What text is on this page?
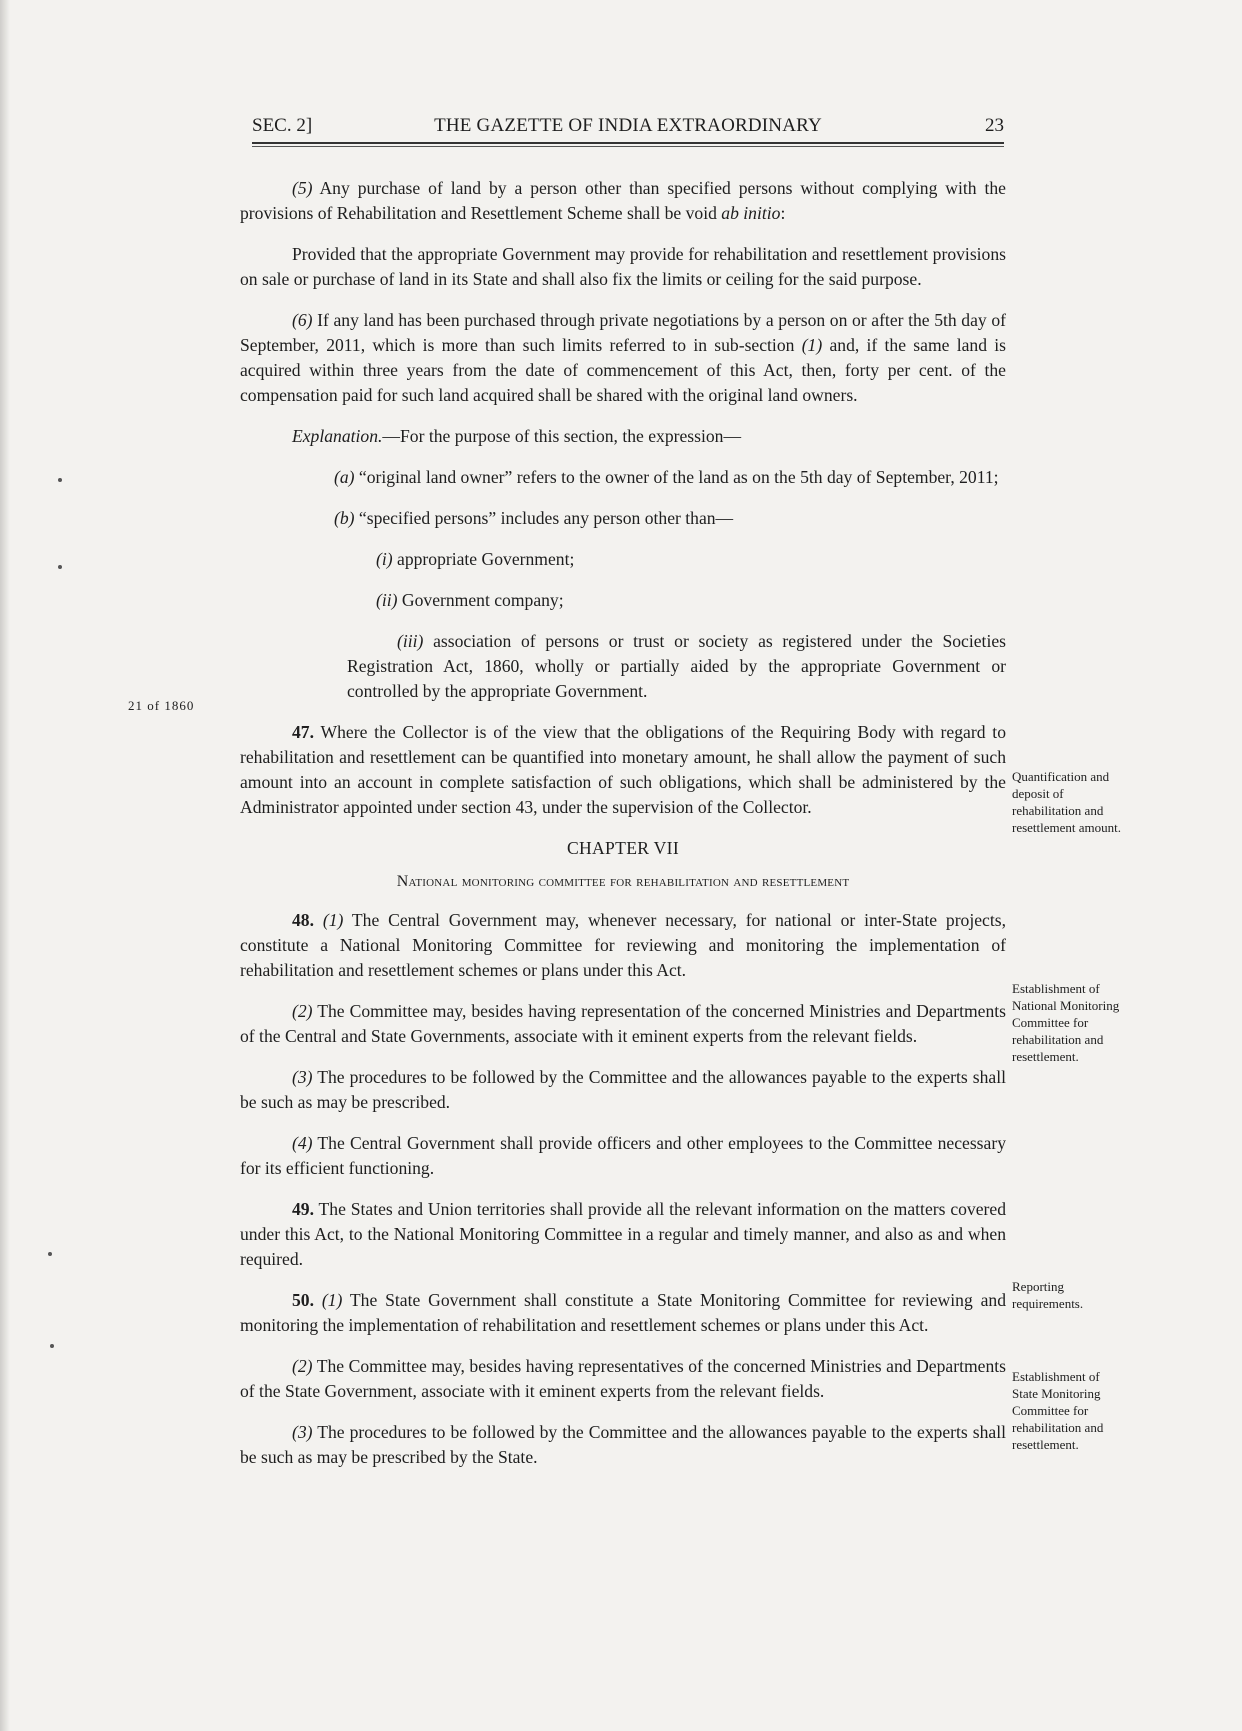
SEC. 2]	THE GAZETTE OF INDIA EXTRAORDINARY	23
21 of 1860

(5) Any purchase of land by a person other than specified persons without complying with the provisions of Rehabilitation and Resettlement Scheme shall be void ab initio:

Provided that the appropriate Government may provide for rehabilitation and resettlement provisions on sale or purchase of land in its State and shall also fix the limits or ceiling for the said purpose.

(6) If any land has been purchased through private negotiations by a person on or after the 5th day of September, 2011, which is more than such limits referred to in sub-section (1) and, if the same land is acquired within three years from the date of commencement of this Act, then, forty per cent. of the compensation paid for such land acquired shall be shared with the original land owners.

Explanation.—For the purpose of this section, the expression—

(a) “original land owner” refers to the owner of the land as on the 5th day of September, 2011;

(b) “specified persons” includes any person other than—

(i) appropriate Government;

(ii) Government company;

(iii) association of persons or trust or society as registered under the Societies Registration Act, 1860, wholly or partially aided by the appropriate Government or controlled by the appropriate Government.

47. Where the Collector is of the view that the obligations of the Requiring Body with regard to rehabilitation and resettlement can be quantified into monetary amount, he shall allow the payment of such amount into an account in complete satisfaction of such obligations, which shall be administered by the Administrator appointed under section 43, under the supervision of the Collector.

CHAPTER VII

National monitoring committee for rehabilitation and resettlement

48. (1) The Central Government may, whenever necessary, for national or inter-State projects, constitute a National Monitoring Committee for reviewing and monitoring the implementation of rehabilitation and resettlement schemes or plans under this Act.

(2) The Committee may, besides having representation of the concerned Ministries and Departments of the Central and State Governments, associate with it eminent experts from the relevant fields.

(3) The procedures to be followed by the Committee and the allowances payable to the experts shall be such as may be prescribed.

(4) The Central Government shall provide officers and other employees to the Committee necessary for its efficient functioning.

49. The States and Union territories shall provide all the relevant information on the matters covered under this Act, to the National Monitoring Committee in a regular and timely manner, and also as and when required.

50. (1) The State Government shall constitute a State Monitoring Committee for reviewing and monitoring the implementation of rehabilitation and resettlement schemes or plans under this Act.

(2) The Committee may, besides having representatives of the concerned Ministries and Departments of the State Government, associate with it eminent experts from the relevant fields.

(3) The procedures to be followed by the Committee and the allowances payable to the experts shall be such as may be prescribed by the State.

Quantification and deposit of rehabilitation and resettlement amount.
Establishment of National Monitoring Committee for rehabilitation and resettlement.
Reporting requirements.
Establishment of State Monitoring Committee for rehabilitation and resettlement.
